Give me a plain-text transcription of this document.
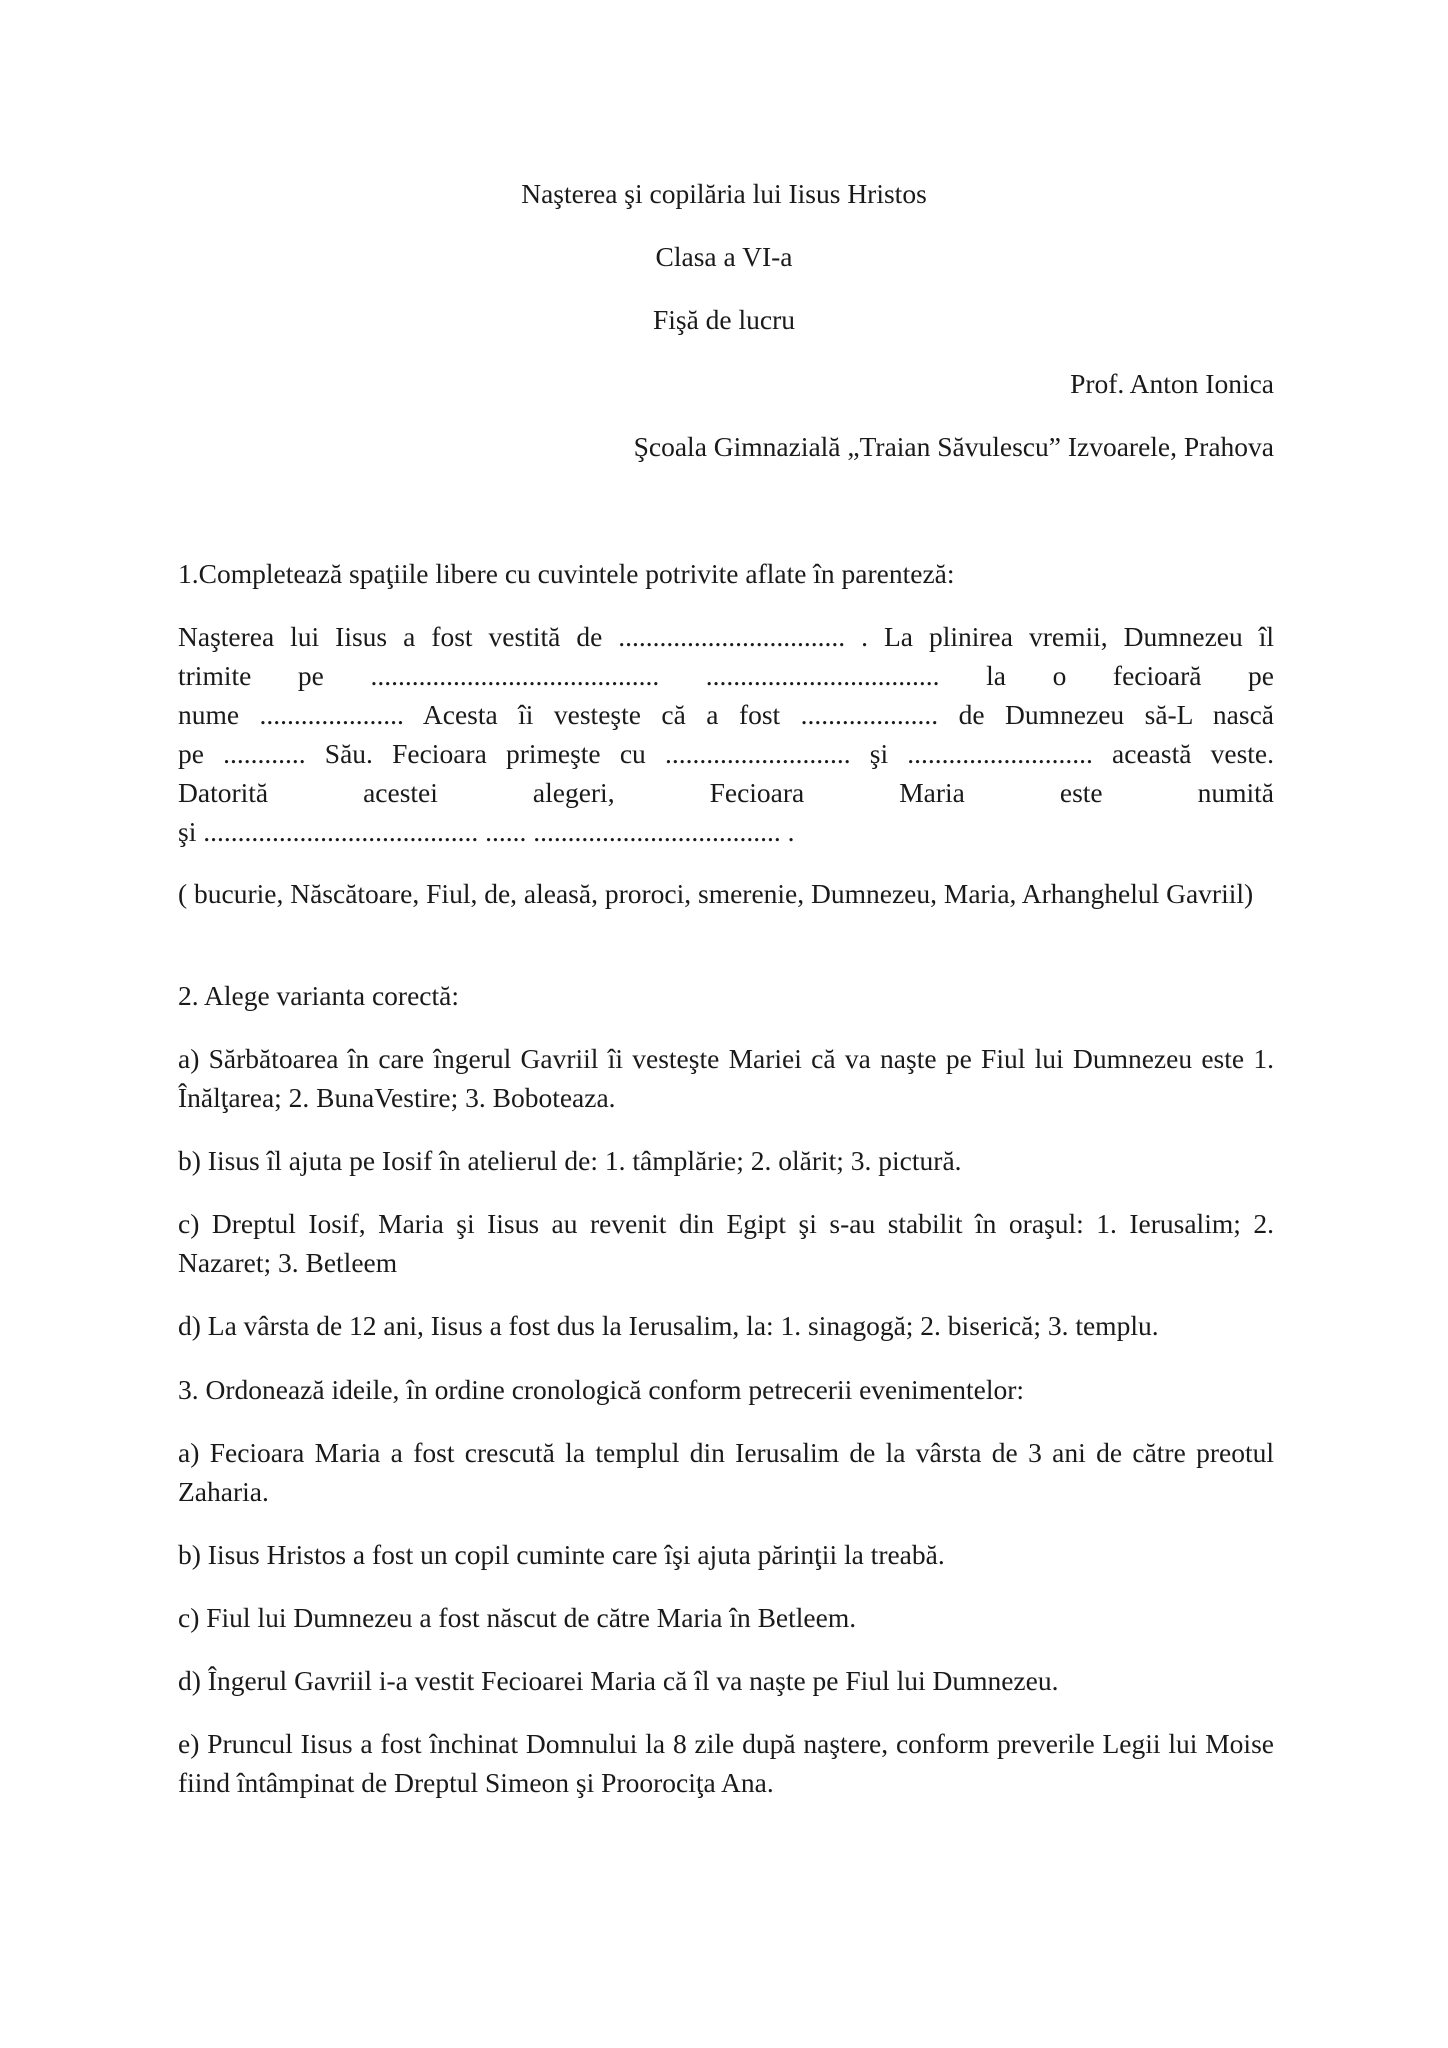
Naşterea şi copilăria lui Iisus Hristos
Clasa a VI-a
Fişă de lucru
Prof. Anton Ionica
Şcoala Gimnazială „Traian Săvulescu” Izvoarele, Prahova
1.Completează spaţiile libere cu cuvintele potrivite aflate în parenteză:
Naşterea lui Iisus a fost vestită de ................................. . La plinirea vremii, Dumnezeu îl
trimite pe .......................................... .................................. la o fecioară pe
nume ..................... Acesta îi vesteşte că a fost .................... de Dumnezeu să-L nască
pe ............ Său. Fecioara primeşte cu ........................... şi ........................... această veste.
Datorită acestei alegeri, Fecioara Maria este numită
şi ........................................ ...... .................................... .
( bucurie, Născătoare, Fiul, de, aleasă, proroci, smerenie, Dumnezeu, Maria, Arhanghelul Gavriil)
2. Alege varianta corectă:
a) Sărbătoarea în care îngerul Gavriil îi vesteşte Mariei că va naşte pe Fiul lui Dumnezeu este 1. Înălţarea; 2. BunaVestire; 3. Boboteaza.
b) Iisus îl ajuta pe Iosif în atelierul de: 1. tâmplărie; 2. olărit; 3. pictură.
c) Dreptul Iosif, Maria şi Iisus au revenit din Egipt şi s-au stabilit în oraşul: 1. Ierusalim; 2. Nazaret; 3. Betleem
d) La vârsta de 12 ani, Iisus a fost dus la Ierusalim, la: 1. sinagogă; 2. biserică; 3. templu.
3. Ordonează ideile, în ordine cronologică conform petrecerii evenimentelor:
a) Fecioara Maria a fost crescută la templul din Ierusalim de la vârsta de 3 ani de către preotul Zaharia.
b) Iisus Hristos a fost un copil cuminte care îşi ajuta părinţii la treabă.
c) Fiul lui Dumnezeu a fost născut de către Maria în Betleem.
d) Îngerul Gavriil i-a vestit Fecioarei Maria că îl va naşte pe Fiul lui Dumnezeu.
e) Pruncul Iisus a fost închinat Domnului la 8 zile după naştere, conform preverile Legii lui Moise fiind întâmpinat de Dreptul Simeon şi Proorociţa Ana.
